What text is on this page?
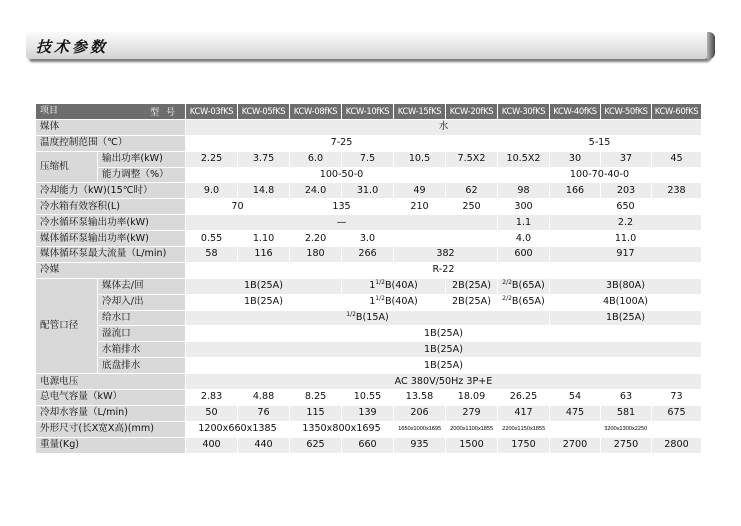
技术参数
型 号
项目		KCW-03fKS	KCW-05fKS	KCW-08fKS	KCW-10fKS	KCW-15fKS	KCW-20fKS	KCW-30fKS	KCW-40fKS	KCW-50fKS	KCW-60fKS
媒体		水									
温度控制范围（℃）		7-25						5-15			
压缩机	输出功率(kW)	2.25	3.75	6.0	7.5	10.5	7.5X2	10.5X2	30	37	45
	能力调整（%）	100-50-0						100-70-40-0			
冷却能力（kW)(15℃时）		9.0	14.8	24.0	31.0	49	62	98	166	203	238
冷水箱有效容积(L)		70		135		210	250	300	650		
冷水循环泵输出功率(kW)		—						1.1	2.2		
媒体循环泵输出功率(kW)		0.55	1.10	2.20	3.0			4.0	11.0		
媒体循环泵最大流量（L/min)		58	116	180	266	382		600	917		
冷媒		R-22									
配管口径	媒体去/回	1B(25A)			$1^{1/2}B(40A)$		2B(25A)	$^{2/2}$B(65A)	3B(80A)		
	冷却入/出	1B(25A)			$1^{1/2}B(40A)$		2B(25A)	$^{2/2}$B(65A)	4B(100A)		
	给水口	$^{1/2}$B(15A)							1B(25A)		
	溢流口	1B(25A)									
	水箱排水	1B(25A)									
	底盘排水	1B(25A)									
电源电压		AC 380V/50Hz 3P+E									
总电气容量（kW）		2.83	4.88	8.25	10.55	13.58	18.09	26.25	54	63	73
冷却水容量（L/min)		50	76	115	139	206	279	417	475	581	675
外形尺寸(长X宽X高)(mm)		1200x660x1385		1350x800x1695		1650x1000x1695	2000x1100x1855	2200x1150x1855	3200x1300x2250		
重量(Kg)		400	440	625	660	935	1500	1750	2700	2750	2800
